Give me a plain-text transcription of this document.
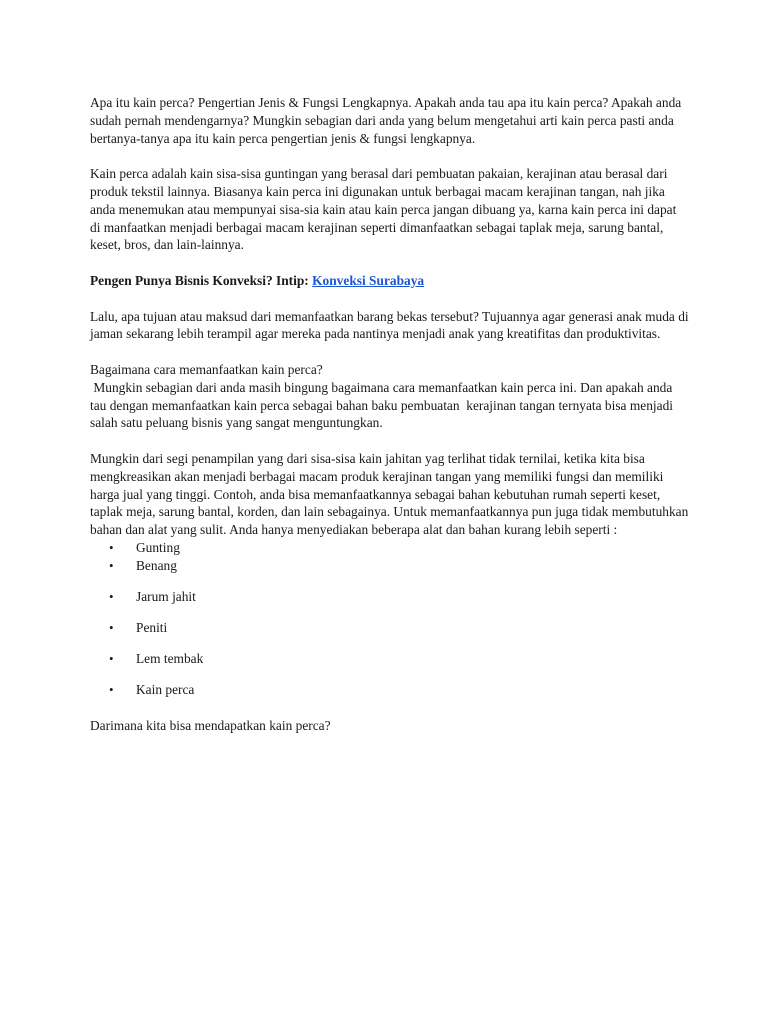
Apa itu kain perca? Pengertian Jenis & Fungsi Lengkapnya. Apakah anda tau apa itu kain perca? Apakah anda sudah pernah mendengarnya? Mungkin sebagian dari anda yang belum mengetahui arti kain perca pasti anda bertanya-tanya apa itu kain perca pengertian jenis & fungsi lengkapnya.

Kain perca adalah kain sisa-sisa guntingan yang berasal dari pembuatan pakaian, kerajinan atau berasal dari produk tekstil lainnya. Biasanya kain perca ini digunakan untuk berbagai macam kerajinan tangan, nah jika anda menemukan atau mempunyai sisa-sia kain atau kain perca jangan dibuang ya, karna kain perca ini dapat di manfaatkan menjadi berbagai macam kerajinan seperti dimanfaatkan sebagai taplak meja, sarung bantal, keset, bros, dan lain-lainnya.

Pengen Punya Bisnis Konveksi? Intip: Konveksi Surabaya

Lalu, apa tujuan atau maksud dari memanfaatkan barang bekas tersebut? Tujuannya agar generasi anak muda di jaman sekarang lebih terampil agar mereka pada nantinya menjadi anak yang kreatifitas dan produktivitas.

Bagaimana cara memanfaatkan kain perca?

Mungkin sebagian dari anda masih bingung bagaimana cara memanfaatkan kain perca ini. Dan apakah anda tau dengan memanfaatkan kain perca sebagai bahan baku pembuatan  kerajinan tangan ternyata bisa menjadi salah satu peluang bisnis yang sangat menguntungkan.

Mungkin dari segi penampilan yang dari sisa-sisa kain jahitan yag terlihat tidak ternilai, ketika kita bisa mengkreasikan akan menjadi berbagai macam produk kerajinan tangan yang memiliki fungsi dan memiliki harga jual yang tinggi. Contoh, anda bisa memanfaatkannya sebagai bahan kebutuhan rumah seperti keset, taplak meja, sarung bantal, korden, dan lain sebagainya. Untuk memanfaatkannya pun juga tidak membutuhkan bahan dan alat yang sulit. Anda hanya menyediakan beberapa alat dan bahan kurang lebih seperti :

• Gunting
• Benang
• Jarum jahit
• Peniti
• Lem tembak
• Kain perca

Darimana kita bisa mendapatkan kain perca?
